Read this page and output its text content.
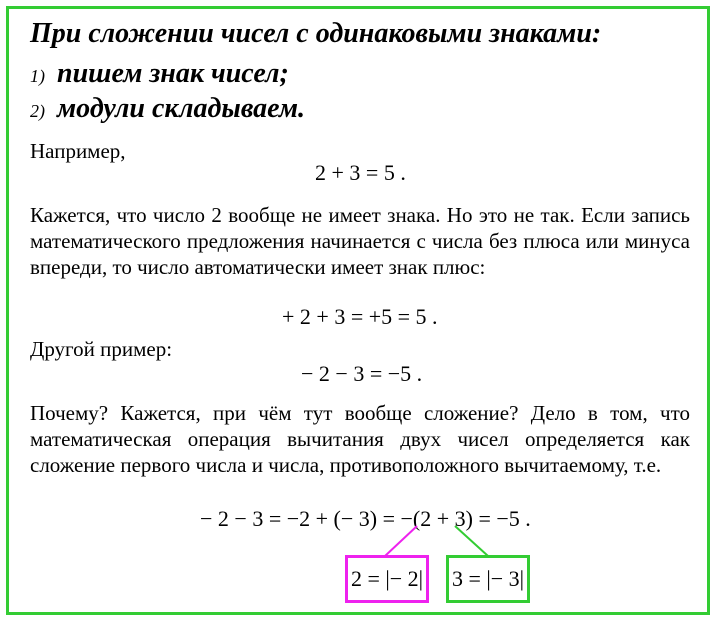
При сложении чисел с одинаковыми знаками:
1) пишем знак чисел;
2) модули складываем.
Например,
2 + 3 = 5 .
Кажется, что число 2 вообще не имеет знака. Но это не так. Если запись математического предложения начинается с числа без плюса или минуса впереди, то число автоматически имеет знак плюс:
+ 2 + 3 = +5 = 5 .
Другой пример:
− 2 − 3 = −5 .
Почему? Кажется, при чём тут вообще сложение? Дело в том, что математическая операция вычитания двух чисел определяется как сложение первого числа и числа, противоположного вычитаемому, т.е.
− 2 − 3 = −2 + (− 3) = −(2 + 3) = −5 .
2 = |− 2| 3 = |− 3|
